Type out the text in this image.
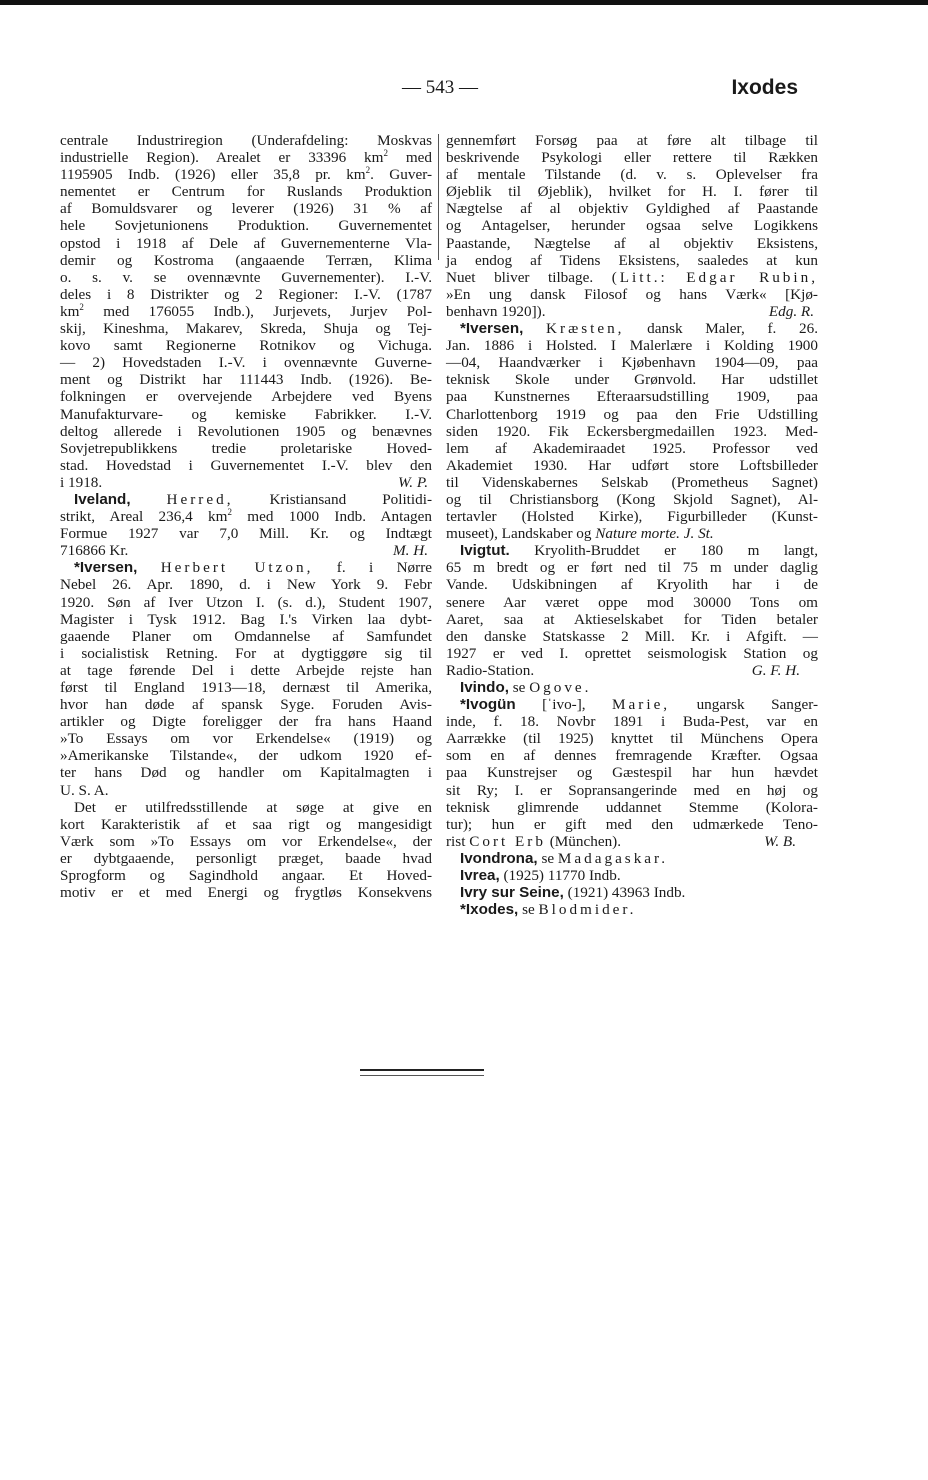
— 543 —	Ixodes
centrale Industriregion (Underafdeling: Moskvas
industrielle Region). Arealet er 33396 $km^2$ med
1195905 Indb. (1926) eller 35,8 pr. $km^2$. Guver-
nementet er Centrum for Ruslands Produktion
af Bomuldsvarer og leverer (1926) 31 % af
hele Sovjetunionens Produktion. Guvernementet
opstod i 1918 af Dele af Guvernementerne Vla-
demir og Kostroma (angaaende Terræn, Klima
o. s. v. se ovennævnte Guvernementer). I.-V.
deles i 8 Distrikter og 2 Regioner: I.-V. (1787
$km^2$ med 176055 Indb.), Jurjevets, Jurjev Pol-
skij, Kineshma, Makarev, Skreda, Shuja og Tej-
kovo samt Regionerne Rotnikov og Vichuga.
— 2) Hovedstaden I.-V. i ovennævnte Guverne-
ment og Distrikt har 111443 Indb. (1926). Be-
folkningen er overvejende Arbejdere ved Byens
Manufakturvare- og kemiske Fabrikker. I.-V.
deltog allerede i Revolutionen 1905 og benævnes
Sovjetrepublikkens tredie proletariske Hoved-
stad. Hovedstad i Guvernementet I.-V. blev den
i 1918.	W. P.
Iveland, Herred, Kristiansand Politidi-
strikt, Areal 236,4 $km^2$ med 1000 Indb. Antagen
Formue 1927 var 7,0 Mill. Kr. og Indtægt
716866 Kr.	M. H.
*Iversen, Herbert Utzon, f. i Nørre
Nebel 26. Apr. 1890, d. i New York 9. Febr
1920. Søn af Iver Utzon I. (s. d.), Student 1907,
Magister i Tysk 1912. Bag I.'s Virken laa dybt-
gaaende Planer om Omdannelse af Samfundet
i socialistisk Retning. For at dygtiggøre sig til
at tage førende Del i dette Arbejde rejste han
først til England 1913—18, dernæst til Amerika,
hvor han døde af spansk Syge. Foruden Avis-
artikler og Digte foreligger der fra hans Haand
»To Essays om vor Erkendelse« (1919) og
»Amerikanske Tilstande«, der udkom 1920 ef-
ter hans Død og handler om Kapitalmagten i
U. S. A.
Det er utilfredsstillende at søge at give en
kort Karakteristik af et saa rigt og mangesidigt
Værk som »To Essays om vor Erkendelse«, der
er dybtgaaende, personligt præget, baade hvad
Sprogform og Sagindhold angaar. Et Hoved-
motiv er et med Energi og frygtløs Konsekvens
gennemført Forsøg paa at føre alt tilbage til
beskrivende Psykologi eller rettere til Rækken
af mentale Tilstande (d. v. s. Oplevelser fra
Øjeblik til Øjeblik), hvilket for H. I. fører til
Nægtelse af al objektiv Gyldighed af Paastande
og Antagelser, herunder ogsaa selve Logikkens
Paastande, Nægtelse af al objektiv Eksistens,
ja endog af Tidens Eksistens, saaledes at kun
Nuet bliver tilbage. (Litt.: Edgar Rubin,
»En ung dansk Filosof og hans Værk« [Kjø-
benhavn 1920]).	Edg. R.
*Iversen, Kræsten, dansk Maler, f. 26.
Jan. 1886 i Holsted. I Malerlære i Kolding 1900
—04, Haandværker i Kjøbenhavn 1904—09, paa
teknisk Skole under Grønvold. Har udstillet
paa Kunstnernes Efteraarsudstilling 1909, paa
Charlottenborg 1919 og paa den Frie Udstilling
siden 1920. Fik Eckersbergmedaillen 1923. Med-
lem af Akademiraadet 1925. Professor ved
Akademiet 1930. Har udført store Loftsbilleder
til Videnskabernes Selskab (Prometheus Sagnet)
og til Christiansborg (Kong Skjold Sagnet), Al-
tertavler (Holsted Kirke), Figurbilleder (Kunst-
museet), Landskaber og Nature morte. J. St.
Ivigtut. Kryolith-Bruddet er 180 m langt,
65 m bredt og er ført ned til 75 m under daglig
Vande. Udskibningen af Kryolith har i de
senere Aar været oppe mod 30000 Tons om
Aaret, saa at Aktieselskabet for Tiden betaler
den danske Statskasse 2 Mill. Kr. i Afgift. —
1927 er ved I. oprettet seismologisk Station og
Radio-Station.	G. F. H.
Ivindo, se Ogove.
*Ivogün [ˈivo-], Marie, ungarsk Sanger-
inde, f. 18. Novbr 1891 i Buda-Pest, var en
Aarrække (til 1925) knyttet til Münchens Opera
som en af dennes fremragende Kræfter. Ogsaa
paa Kunstrejser og Gæstespil har hun hævdet
sit Ry; I. er Sopransangerinde med en høj og
teknisk glimrende uddannet Stemme (Kolora-
tur); hun er gift med den udmærkede Teno-
rist Cort Erb (München).	W. B.
Ivondrona, se Madagaskar.
Ivrea, (1925) 11770 Indb.
Ivry sur Seine, (1921) 43963 Indb.
*Ixodes, se Blodmider.
